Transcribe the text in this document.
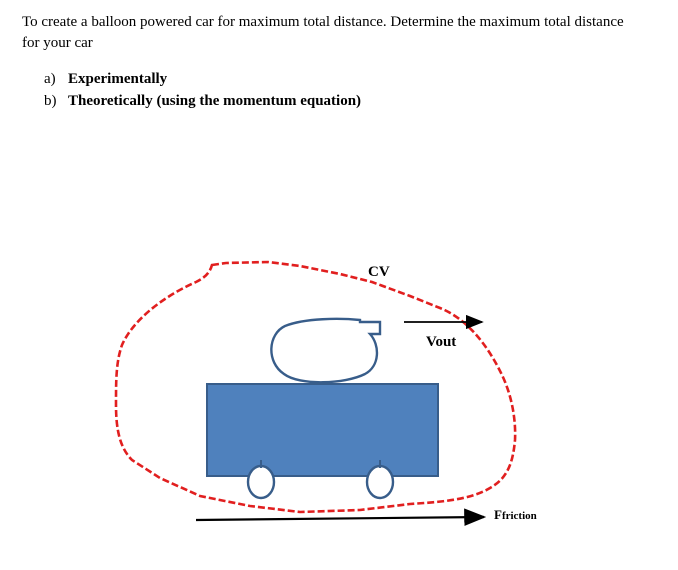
To create a balloon powered car for maximum total distance. Determine the maximum total distance for your car

a) Experimentally
b) Theoretically (using the momentum equation)
CV
Vout
Ffriction
